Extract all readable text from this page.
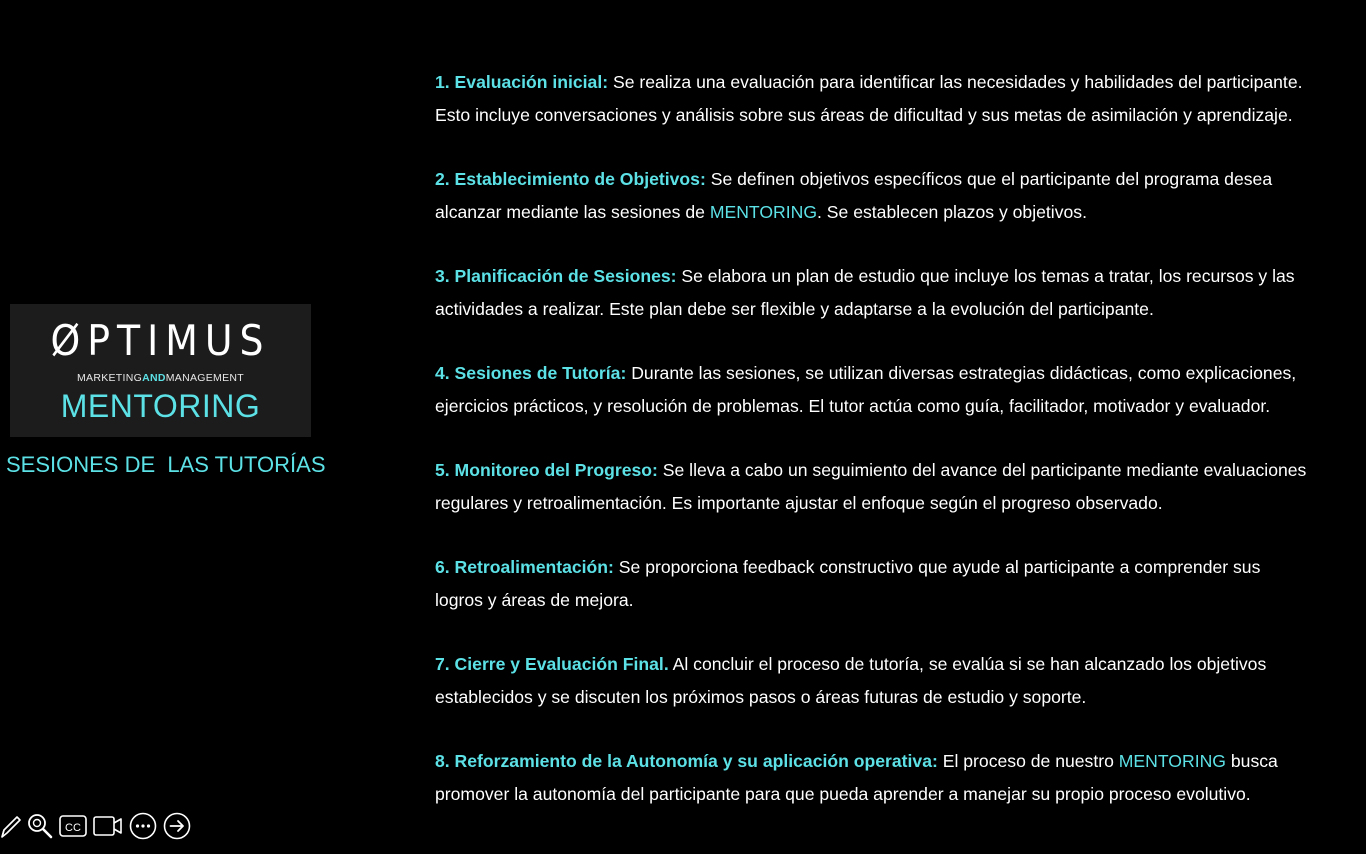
ØPTIMUS
MARKETINGANDMANAGEMENT
MENTORING
SESIONES DE  LAS TUTORÍAS
1. Evaluación inicial: Se realiza una evaluación para identificar las necesidades y habilidades del participante.
Esto incluye conversaciones y análisis sobre sus áreas de dificultad y sus metas de asimilación y aprendizaje.
2. Establecimiento de Objetivos: Se definen objetivos específicos que el participante del programa desea
alcanzar mediante las sesiones de MENTORING. Se establecen plazos y objetivos.
3. Planificación de Sesiones: Se elabora un plan de estudio que incluye los temas a tratar, los recursos y las
actividades a realizar. Este plan debe ser flexible y adaptarse a la evolución del participante.
4. Sesiones de Tutoría: Durante las sesiones, se utilizan diversas estrategias didácticas, como explicaciones,
ejercicios prácticos, y resolución de problemas. El tutor actúa como guía, facilitador, motivador y evaluador.
5. Monitoreo del Progreso: Se lleva a cabo un seguimiento del avance del participante mediante evaluaciones
regulares y retroalimentación. Es importante ajustar el enfoque según el progreso observado.
6. Retroalimentación: Se proporciona feedback constructivo que ayude al participante a comprender sus
logros y áreas de mejora.
7. Cierre y Evaluación Final. Al concluir el proceso de tutoría, se evalúa si se han alcanzado los objetivos
establecidos y se discuten los próximos pasos o áreas futuras de estudio y soporte.
8. Reforzamiento de la Autonomía y su aplicación operativa: El proceso de nuestro MENTORING busca
promover la autonomía del participante para que pueda aprender a manejar su propio proceso evolutivo.
CC
